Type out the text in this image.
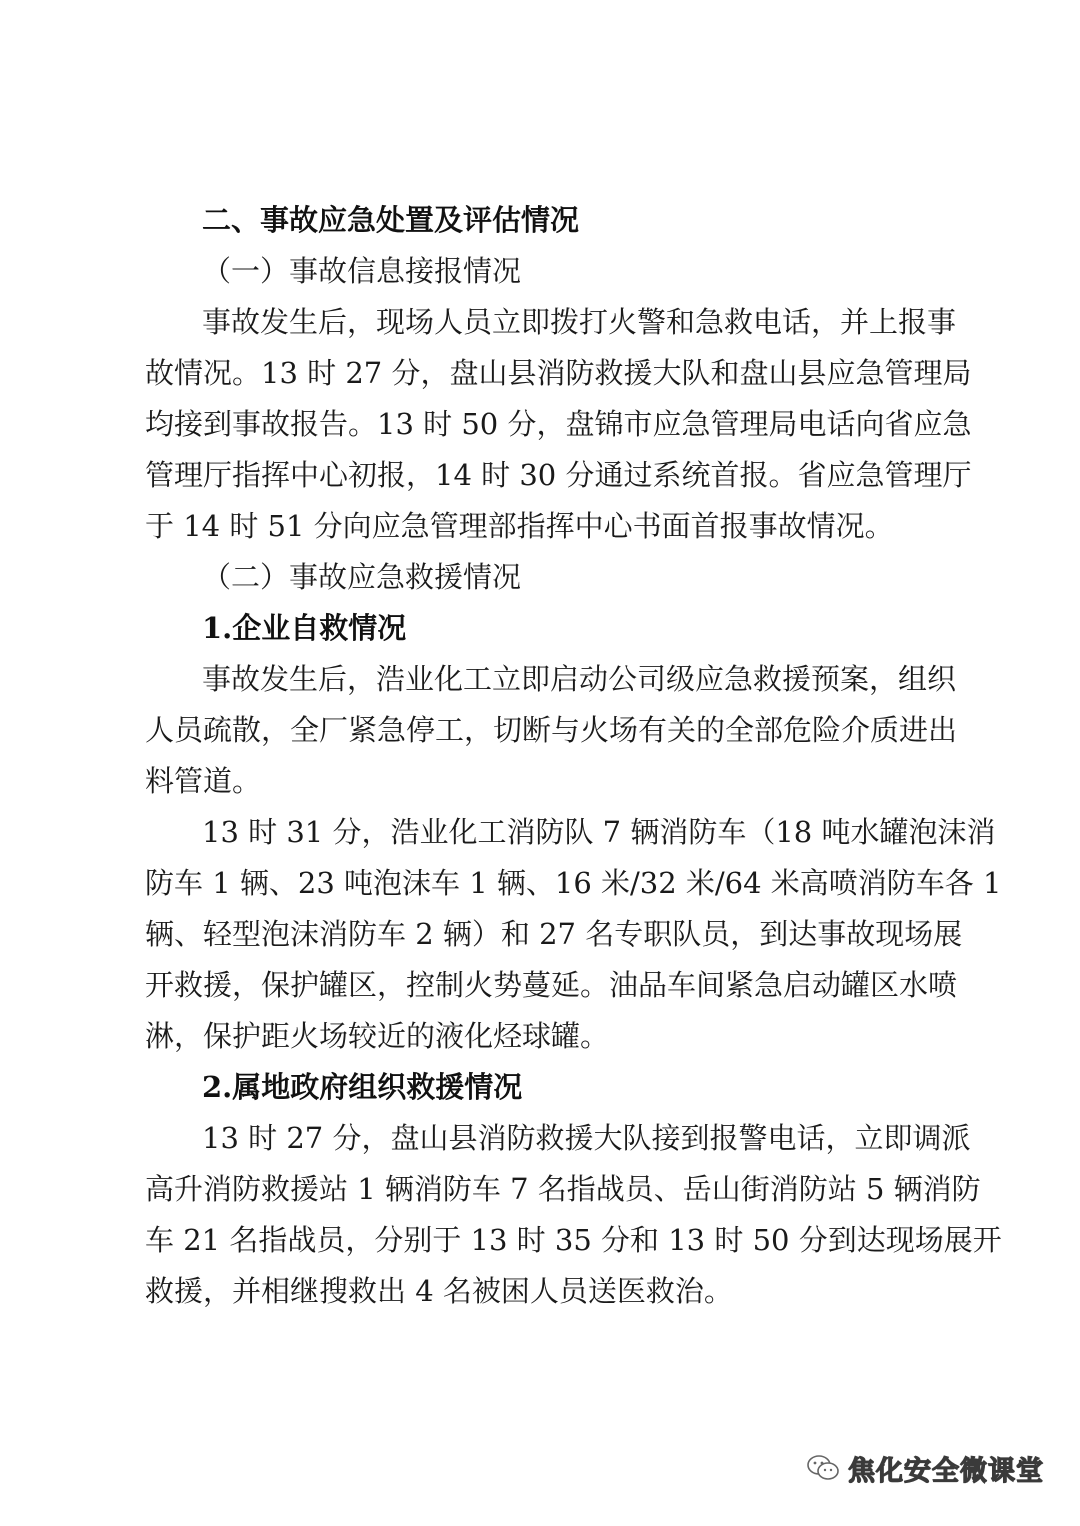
二、事故应急处置及评估情况
（一）事故信息接报情况
事故发生后，现场人员立即拨打火警和急救电话，并上报事
故情况。13 时 27 分，盘山县消防救援大队和盘山县应急管理局
均接到事故报告。13 时 50 分，盘锦市应急管理局电话向省应急
管理厅指挥中心初报，14 时 30 分通过系统首报。省应急管理厅
于 14 时 51 分向应急管理部指挥中心书面首报事故情况。
（二）事故应急救援情况
1.企业自救情况
事故发生后，浩业化工立即启动公司级应急救援预案，组织
人员疏散，全厂紧急停工，切断与火场有关的全部危险介质进出
料管道。
13 时 31 分，浩业化工消防队 7 辆消防车（18 吨水罐泡沫消
防车 1 辆、23 吨泡沫车 1 辆、16 米/32 米/64 米高喷消防车各 1
辆、轻型泡沫消防车 2 辆）和 27 名专职队员，到达事故现场展
开救援，保护罐区，控制火势蔓延。油品车间紧急启动罐区水喷
淋，保护距火场较近的液化烃球罐。
2.属地政府组织救援情况
13 时 27 分，盘山县消防救援大队接到报警电话，立即调派
高升消防救援站 1 辆消防车 7 名指战员、岳山街消防站 5 辆消防
车 21 名指战员，分别于 13 时 35 分和 13 时 50 分到达现场展开
救援，并相继搜救出 4 名被困人员送医救治。
焦化安全微课堂
